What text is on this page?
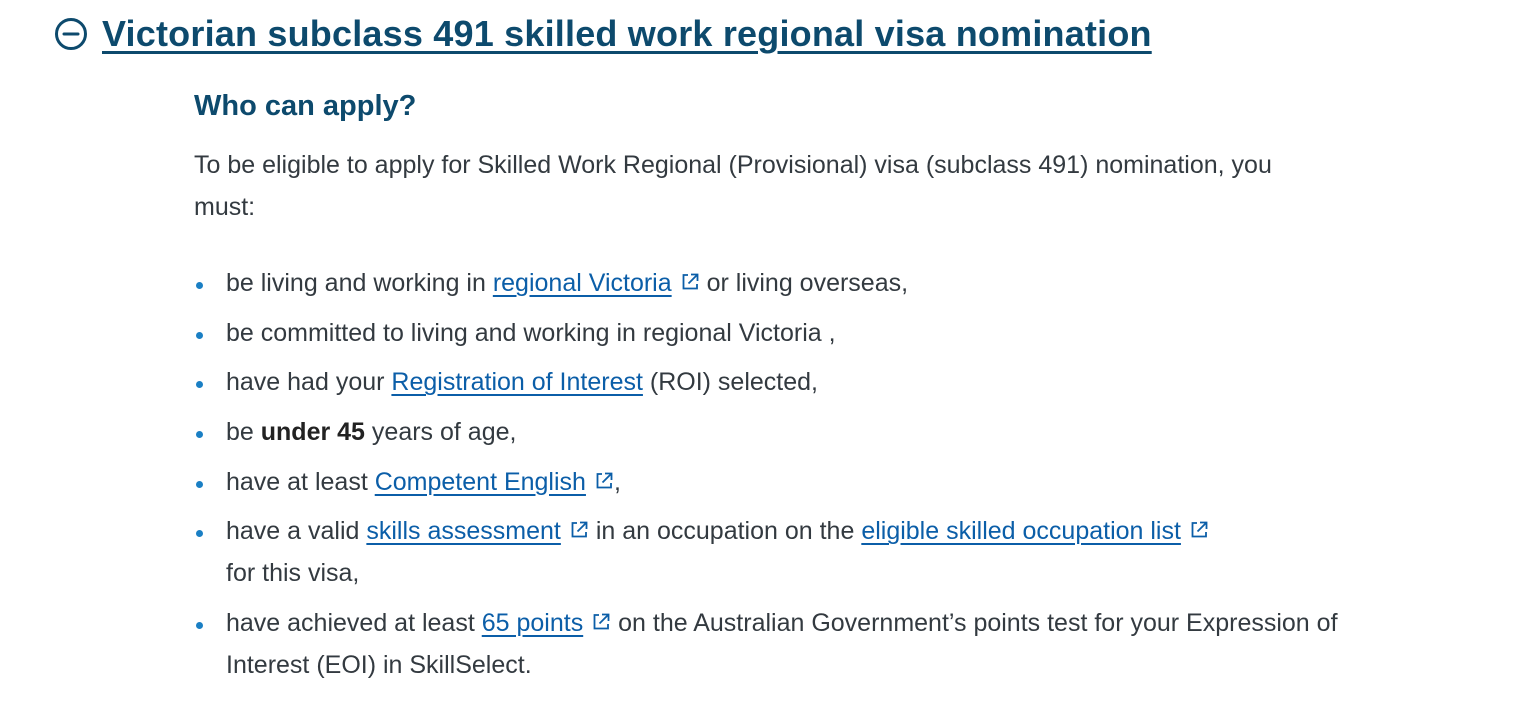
Victorian subclass 491 skilled work regional visa nomination
Who can apply?

To be eligible to apply for Skilled Work Regional (Provisional) visa (subclass 491) nomination, you must:

be living and working in regional Victoria or living overseas,
be committed to living and working in regional Victoria ,
have had your Registration of Interest (ROI) selected,
be under 45 years of age,
have at least Competent English ,
have a valid skills assessment in an occupation on the eligible skilled occupation list
for this visa,
have achieved at least 65 points on the Australian Government’s points test for your Expression of Interest (EOI) in SkillSelect.
